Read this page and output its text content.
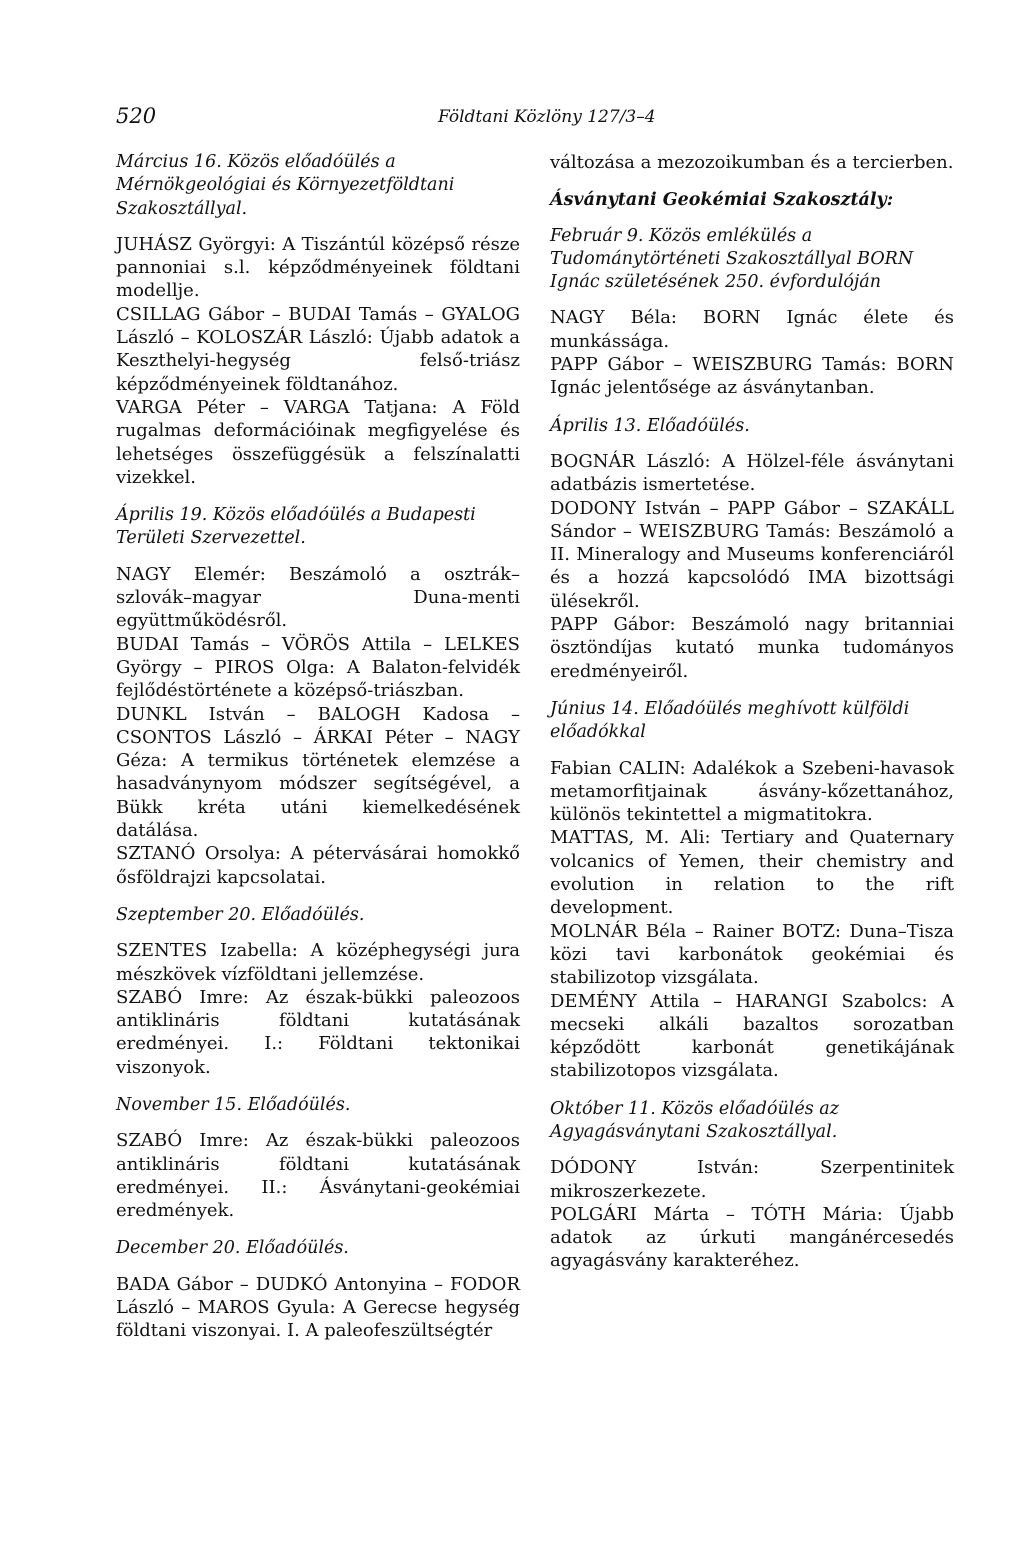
520	Földtani Közlöny 127/3–4

Március 16. Közös előadóülés a Mérnökgeológiai és Környezetföldtani Szakosztállyal.

JUHÁSZ Györgyi: A Tiszántúl középső része pannoniai s.l. képződményeinek földtani modellje.

CSILLAG Gábor – BUDAI Tamás – GYALOG László – KOLOSZÁR László: Újabb adatok a Keszthelyi-hegység felső-triász képződményeinek földtanához.

VARGA Péter – VARGA Tatjana: A Föld rugalmas deformációinak megfigyelése és lehetséges összefüggésük a felszínalatti vizekkel.

Április 19. Közös előadóülés a Budapesti Területi Szervezettel.

NAGY Elemér: Beszámoló a osztrák–szlovák–magyar Duna-menti együttműködésről.

BUDAI Tamás – VÖRÖS Attila – LELKES György – PIROS Olga: A Balaton-felvidék fejlődéstörténete a középső-triászban.

DUNKL István – BALOGH Kadosa – CSONTOS László – ÁRKAI Péter – NAGY Géza: A termikus történetek elemzése a hasadványnyom módszer segítségével, a Bükk kréta utáni kiemelkedésének datálása.

SZTANÓ Orsolya: A pétervásárai homokkő ősföldrajzi kapcsolatai.

Szeptember 20. Előadóülés.

SZENTES Izabella: A középhegységi jura mészkövek vízföldtani jellemzése.

SZABÓ Imre: Az észak-bükki paleozoos antiklináris földtani kutatásának eredményei. I.: Földtani tektonikai viszonyok.

November 15. Előadóülés.

SZABÓ Imre: Az észak-bükki paleozoos antiklináris földtani kutatásának eredményei. II.: Ásványtani-geokémiai eredmények.

December 20. Előadóülés.

BADA Gábor – DUDKÓ Antonyina – FODOR László – MAROS Gyula: A Gerecse hegység földtani viszonyai. I. A paleofeszültségtér

változása a mezozoikumban és a tercierben.

Ásványtani Geokémiai Szakosztály:

Február 9. Közös emlékülés a Tudománytörténeti Szakosztállyal BORN Ignác születésének 250. évfordulóján

NAGY Béla: BORN Ignác élete és munkássága.

PAPP Gábor – WEISZBURG Tamás: BORN Ignác jelentősége az ásványtanban.

Április 13. Előadóülés.

BOGNÁR László: A Hölzel-féle ásványtani adatbázis ismertetése.

DODONY István – PAPP Gábor – SZAKÁLL Sándor – WEISZBURG Tamás: Beszámoló a II. Mineralogy and Museums konferenciáról és a hozzá kapcsolódó IMA bizottsági ülésekről.

PAPP Gábor: Beszámoló nagy britanniai ösztöndíjas kutató munka tudományos eredményeiről.

Június 14. Előadóülés meghívott külföldi előadókkal

Fabian CALIN: Adalékok a Szebeni-havasok metamorfitjainak ásvány-kőzettanához, különös tekintettel a migmatitokra.

MATTAS, M. Ali: Tertiary and Quaternary volcanics of Yemen, their chemistry and evolution in relation to the rift development.

MOLNÁR Béla – Rainer BOTZ: Duna–Tisza közi tavi karbonátok geokémiai és stabilizotop vizsgálata.

DEMÉNY Attila – HARANGI Szabolcs: A mecseki alkáli bazaltos sorozatban képződött karbonát genetikájának stabilizotopos vizsgálata.

Október 11. Közös előadóülés az Agyagásványtani Szakosztállyal.

DÓDONY István: Szerpentinitek mikroszerkezete.

POLGÁRI Márta – TÓTH Mária: Újabb adatok az úrkuti mangánércesedés agyagásvány karakteréhez.
